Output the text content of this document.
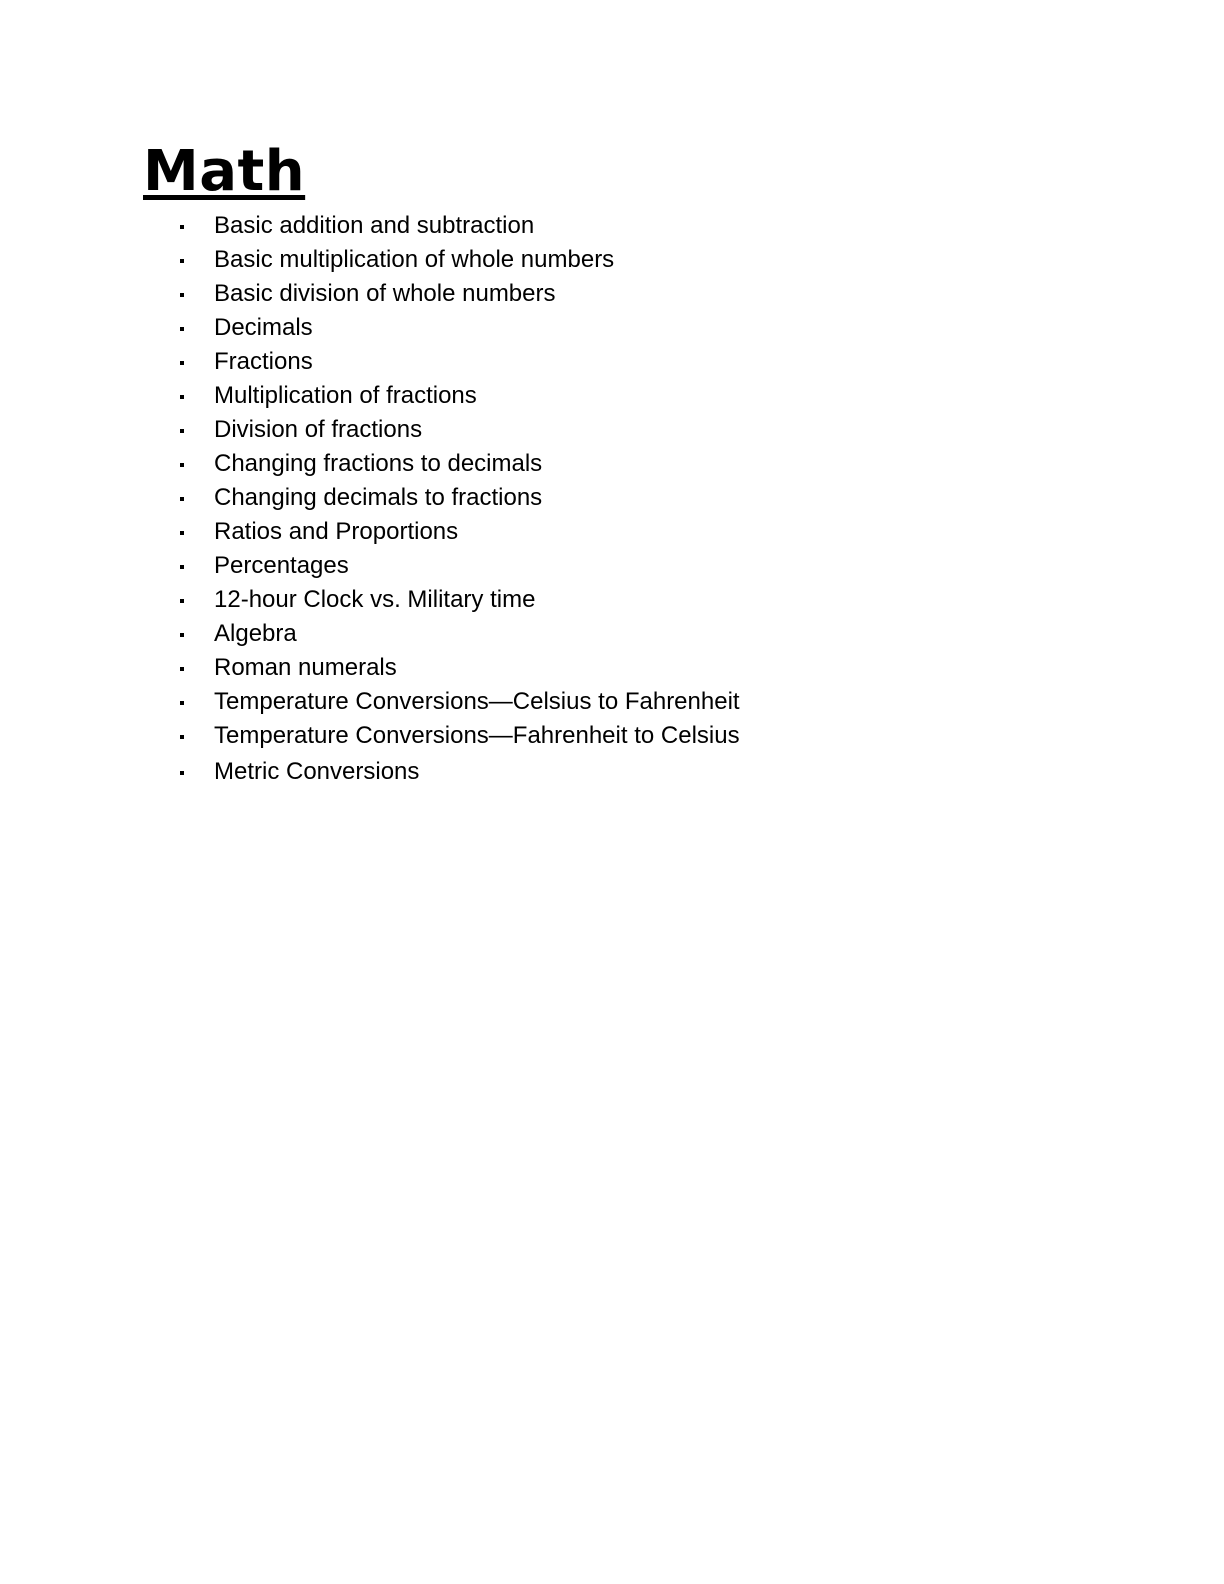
Math
Basic addition and subtraction
Basic multiplication of whole numbers
Basic division of whole numbers
Decimals
Fractions
Multiplication of fractions
Division of fractions
Changing fractions to decimals
Changing decimals to fractions
Ratios and Proportions
Percentages
12-hour Clock vs. Military time
Algebra
Roman numerals
Temperature Conversions—Celsius to Fahrenheit
Temperature Conversions—Fahrenheit to Celsius
Metric Conversions
